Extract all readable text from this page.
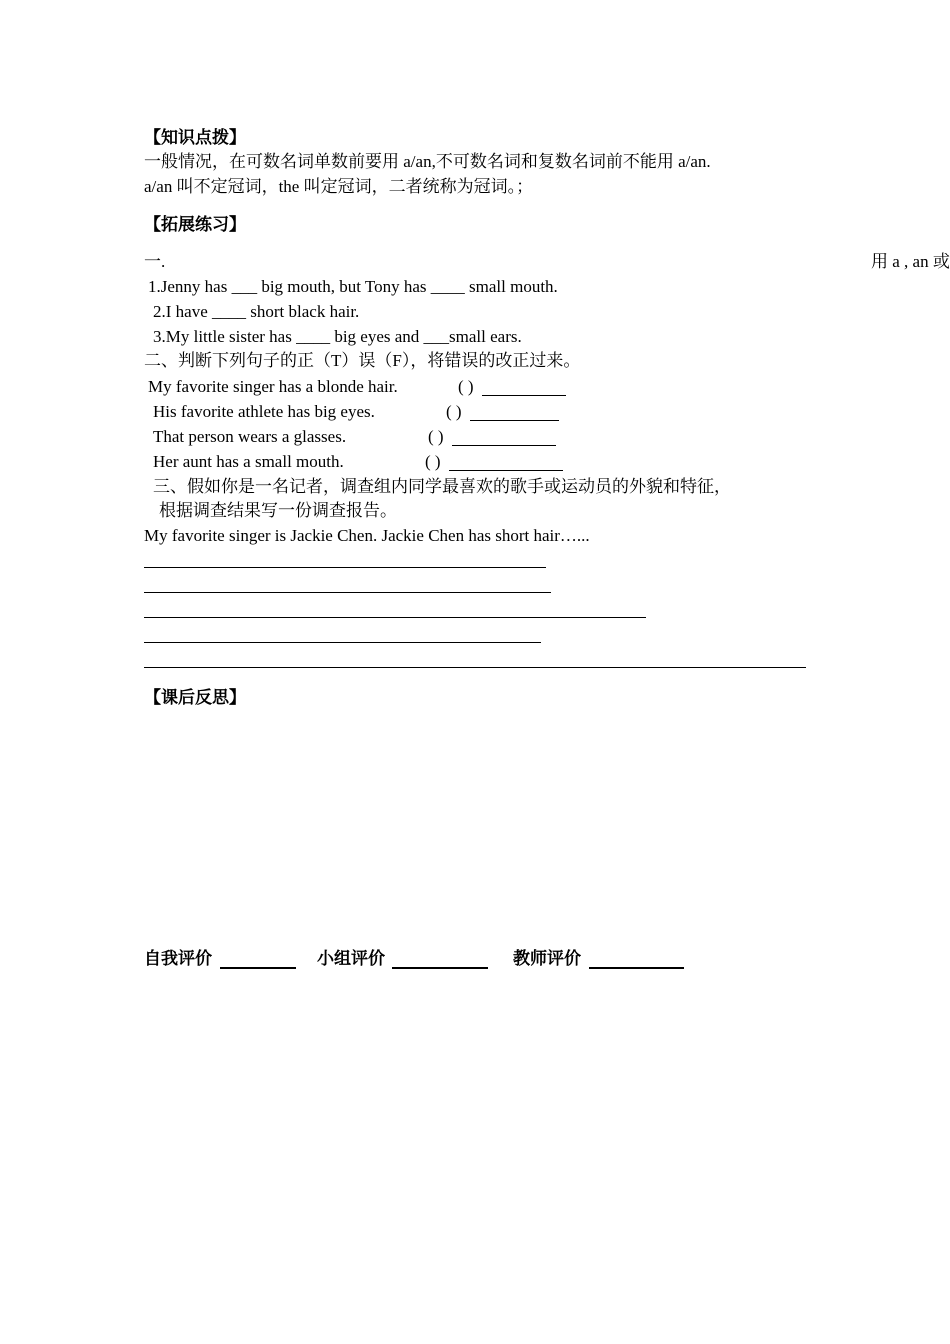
【知识点拨】
一般情况，在可数名词单数前要用 a/an,不可数名词和复数名词前不能用 a/an.
a/an 叫不定冠词，the 叫定冠词，二者统称为冠词。；
【拓展练习】
一.	用 a , an 或
1.Jenny has ___ big mouth, but Tony has ____ small mouth.
2.I have ____ short black hair.
3.My little sister has ____ big eyes and ___small ears.
二、判断下列句子的正（T）误（F），将错误的改正过来。
My favorite singer has a blonde hair.	( )
His favorite athlete has big eyes.	( )
That person wears a glasses.	( )
Her aunt has a small mouth.	( )
三、假如你是一名记者，调查组内同学最喜欢的歌手或运动员的外貌和特征，
根据调查结果写一份调查报告。
My favorite singer is Jackie Chen. Jackie Chen has short hair…...
【课后反思】
自我评价	小组评价	教师评价
